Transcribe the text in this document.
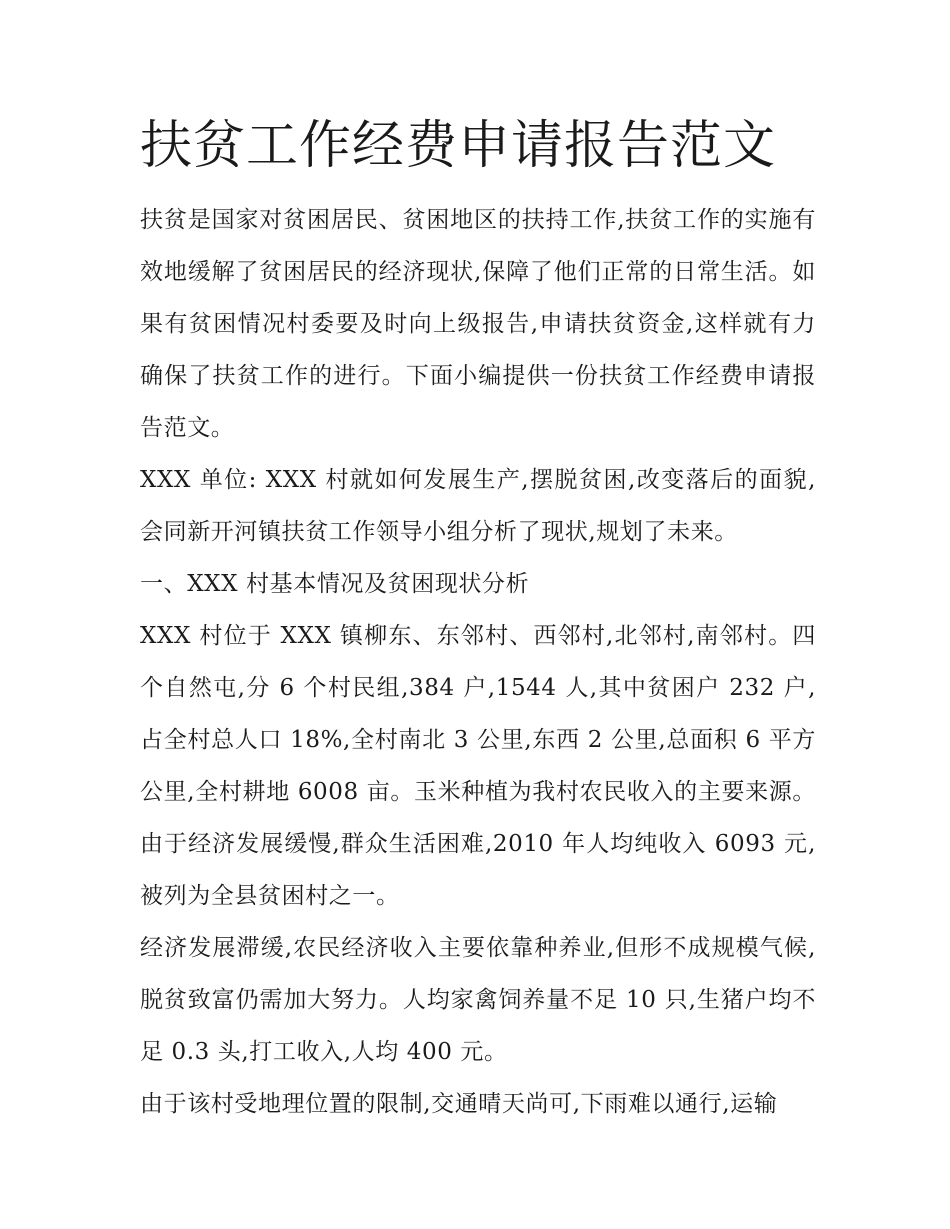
扶贫工作经费申请报告范文

扶贫是国家对贫困居民、贫困地区的扶持工作,扶贫工作的实施有效地缓解了贫困居民的经济现状,保障了他们正常的日常生活。如果有贫困情况村委要及时向上级报告,申请扶贫资金,这样就有力确保了扶贫工作的进行。下面小编提供一份扶贫工作经费申请报告范文。

XXX 单位: XXX 村就如何发展生产,摆脱贫困,改变落后的面貌,会同新开河镇扶贫工作领导小组分析了现状,规划了未来。

一、XXX 村基本情况及贫困现状分析

XXX 村位于 XXX 镇柳东、东邻村、西邻村,北邻村,南邻村。四个自然屯,分 6 个村民组,384 户,1544 人,其中贫困户 232 户,占全村总人口 18%,全村南北 3 公里,东西 2 公里,总面积 6 平方公里,全村耕地 6008 亩。玉米种植为我村农民收入的主要来源。由于经济发展缓慢,群众生活困难,2010 年人均纯收入 6093 元,被列为全县贫困村之一。

经济发展滞缓,农民经济收入主要依靠种养业,但形不成规模气候,脱贫致富仍需加大努力。人均家禽饲养量不足 10 只,生猪户均不足 0.3 头,打工收入,人均 400 元。

由于该村受地理位置的限制,交通晴天尚可,下雨难以通行,运输
